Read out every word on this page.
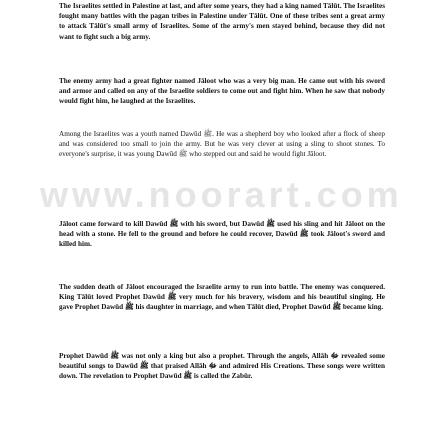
The Israelites settled in Palestine at last, and after some years, they had a king named Tālūt. The Israelites fought many battles with the pagan tribes in Palestine under Tālūt. One of these tribes sent a great army to attack Tālūt's small army of Israelites. Some of the army's men stayed behind, because they did not want to fight such a big army.

The enemy army had a great fighter named Jāloot who was a very big man. He came out with his sword and armor and called on any of the Israelite soldiers to come out and fight him. When he saw that nobody would fight him, he laughed at the Israelites.

Among the Israelites was a youth named Dawūd ﷺ. He was a shepherd boy who looked after a flock of sheep and was considered too small to join the army. But he was very clever at using a sling to shoot stones. To everyone's surprise, it was young Dawūd ﷺ who stepped out and said he would fight Jāloot.

Jāloot came forward to kill Dawūd ﷺ with his sword, but Dawūd ﷺ used his sling and hit Jāloot on the head with a stone. He fell to the ground and before he could recover, Dawūd ﷺ took Jāloot's sword and killed him.

The sudden death of Jāloot encouraged the Israelite army to run into battle. The enemy was conquered. King Tālūt loved Prophet Dawūd ﷺ very much for his bravery, wisdom and his beautiful singing. He gave Prophet Dawūd ﷺ his daughter in marriage, and when Tālūt died, Prophet Dawūd ﷺ became king.

Prophet Dawūd ﷺ was not only a king but also a prophet. Through the angels, Allāh ﷻ revealed some beautiful songs to Dawūd ﷺ that praised Allāh ﷻ and admired His Creations. These songs were written down. The revelation to Prophet Dawūd ﷺ is called the Zabūr.

www.noorart.com
